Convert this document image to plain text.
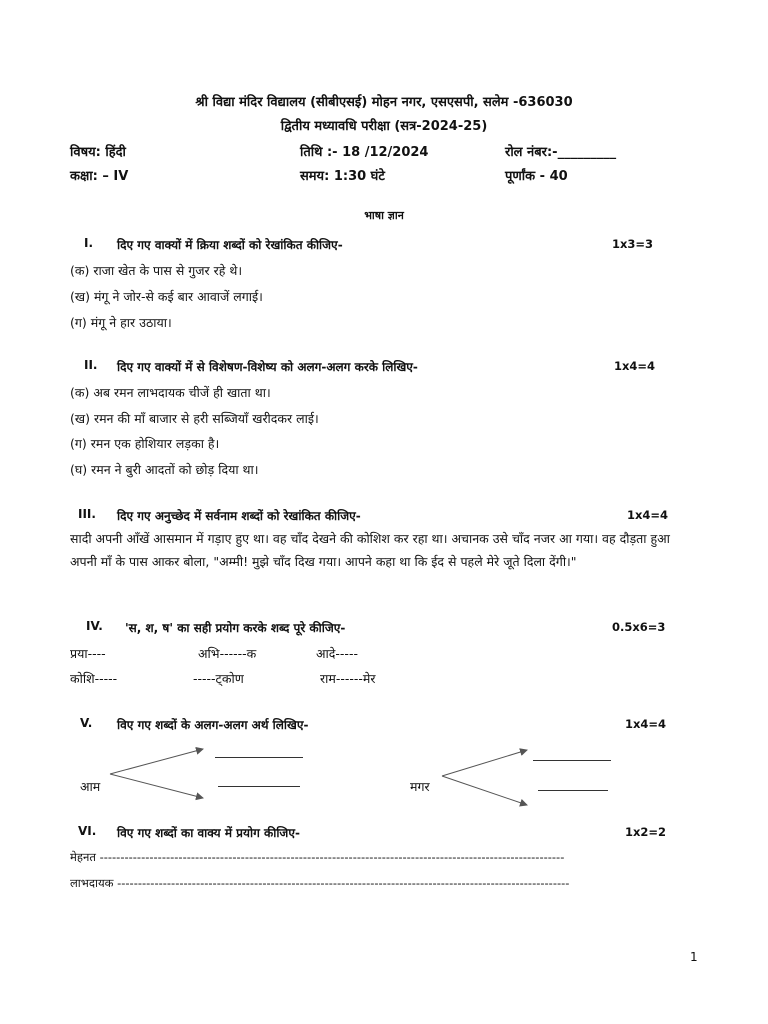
श्री विद्या मंदिर विद्यालय (सीबीएसई) मोहन नगर, एसएसपी, सलेम -636030
द्वितीय मध्यावधि परीक्षा (सत्र-2024-25)
विषय: हिंदी	तिथि :- 18 /12/2024	रोल नंबर:-_________
कक्षा: – IV	समय: 1:30 घंटे	पूर्णांक - 40
भाषा ज्ञान
I. दिए गए वाक्यों में क्रिया शब्दों को रेखांकित कीजिए-	1x3=3
(क) राजा खेत के पास से गुजर रहे थे।
(ख) मंगू ने जोर-से कई बार आवाजें लगाई।
(ग) मंगू ने हार उठाया।
II. दिए गए वाक्यों में से विशेषण-विशेष्य को अलग-अलग करके लिखिए-	1x4=4
(क) अब रमन लाभदायक चीजें ही खाता था।
(ख) रमन की माँ बाजार से हरी सब्जियाँ खरीदकर लाई।
(ग) रमन एक होशियार लड़का है।
(घ) रमन ने बुरी आदतों को छोड़ दिया था।
III. दिए गए अनुच्छेद में सर्वनाम शब्दों को रेखांकित कीजिए-	1x4=4
सादी अपनी आँखें आसमान में गड़ाए हुए था। वह चाँद देखने की कोशिश कर रहा था। अचानक उसे चाँद नजर आ गया। वह दौड़ता हुआ अपनी माँ के पास आकर बोला, "अम्मी! मुझे चाँद दिख गया। आपने कहा था कि ईद से पहले मेरे जूते दिला देंगी।"
IV. 'स, श, ष' का सही प्रयोग करके शब्द पूरे कीजिए-	0.5x6=3
प्रया----	अभि------क	आदे-----
कोशि-----	-----ट्कोण	राम------मेर
V. विए गए शब्दों के अलग-अलग अर्थ लिखिए-	1x4=4
आम	मगर
VI. विए गए शब्दों का वाक्य में प्रयोग कीजिए-	1x2=2
मेहनत ----------------------------------------------------------------------------------------------------------------
लाभदायक -------------------------------------------------------------------------------------------------------------
1
